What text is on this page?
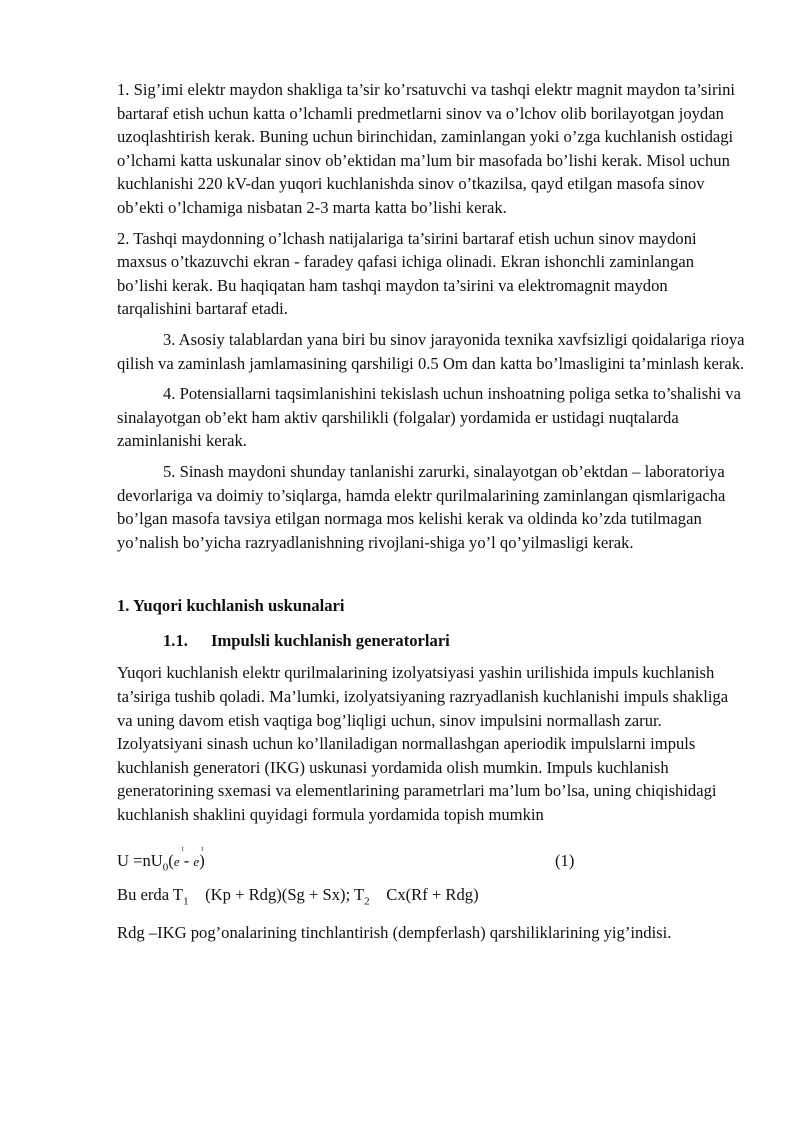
1. Sig’imi elektr maydon shakliga ta’sir ko’rsatuvchi va tashqi elektr magnit maydon ta’sirini bartaraf etish uchun katta o’lchamli predmetlarni sinov va o’lchov olib borilayotgan joydan uzoqlashtirish kerak. Buning uchun birinchidan, zaminlangan yoki o’zga kuchlanish ostidagi o’lchami katta uskunalar sinov ob’ektidan ma’lum bir masofada bo’lishi kerak. Misol uchun kuchlanishi 220 kV-dan yuqori kuchlanishda sinov o’tkazilsa, qayd etilgan masofa sinov ob’ekti o’lchamiga nisbatan 2-3 marta katta bo’lishi kerak.

2. Tashqi maydonning o’lchash natijalariga ta’sirini bartaraf etish uchun sinov maydoni maxsus o’tkazuvchi ekran - faradey qafasi ichiga olinadi. Ekran ishonchli zaminlangan bo’lishi kerak. Bu haqiqatan ham tashqi maydon ta’sirini va elektromagnit maydon tarqalishini bartaraf etadi.

3. Asosiy talablardan yana biri bu sinov jarayonida texnika xavfsizligi qoidalariga rioya qilish va zaminlash jamlamasining qarshiligi 0.5 Om dan katta bo’lmasligini ta’minlash kerak.

4. Potensiallarni taqsimlanishini tekislash uchun inshoatning poliga setka to’shalishi va sinalayotgan ob’ekt ham aktiv qarshilikli (folgalar) yordamida er ustidagi nuqtalarda zaminlanishi kerak.

5. Sinash maydoni shunday tanlanishi zarurki, sinalayotgan ob’ektdan – laboratoriya devorlariga va doimiy to’siqlarga, hamda elektr qurilmalarining zaminlangan qismlarigacha bo’lgan masofa tavsiya etilgan normaga mos kelishi kerak va oldinda ko’zda tutilmagan yo’nalish bo’yicha razryadlanishning rivojlani-shiga yo’l qo’yilmasligi kerak.

1. Yuqori kuchlanish uskunalari
1.1. Impulsli kuchlanish generatorlari

Yuqori kuchlanish elektr qurilmalarining izolyatsiyasi yashin urilishida impuls kuchlanish ta’siriga tushib qoladi. Ma’lumki, izolyatsiyaning razryadlanish kuchlanishi impuls shakliga va uning davom etish vaqtiga bog’liqligi uchun, sinov impulsini normallash zarur. Izolyatsiyani sinash uchun ko’llaniladigan normallashgan aperiodik impulslarni impuls kuchlanish generatori (IKG) uskunasi yordamida olish mumkin. Impuls kuchlanish generatorining sxemasi va elementlarining parametrlari ma’lum bo’lsa, uning chiqishidagi kuchlanish shaklini quyidagi formula yordamida topish mumkin

$U =nU_0(e$
t
- e
t
)	(1)

Bu erda $T_1$ (Kp + Rdg)(Sg + Sx); $T_2$ Cx(Rf + Rdg)

Rdg –IKG pog’onalarining tinchlantirish (dempferlash) qarshiliklarining yig’indisi.
